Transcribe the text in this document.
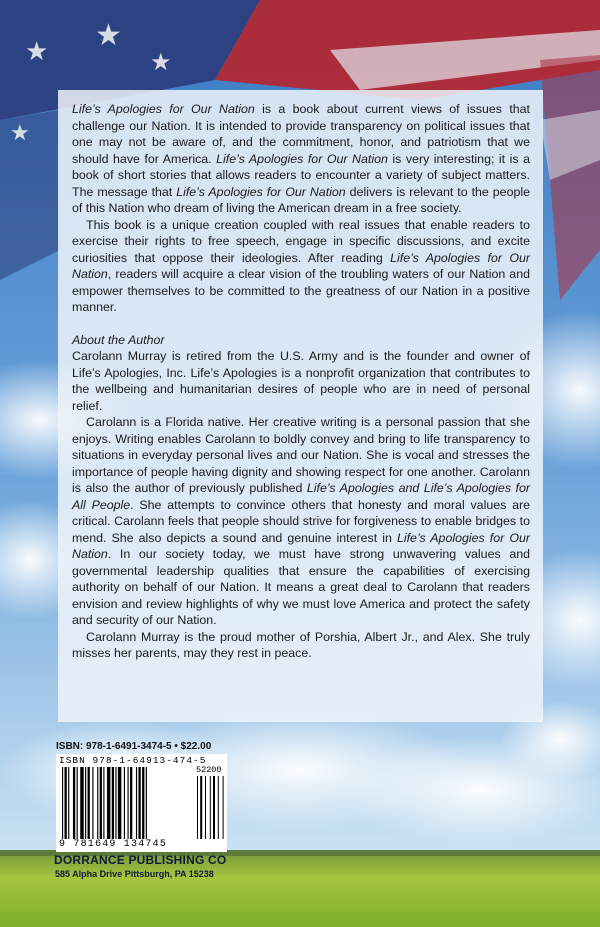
★
★	★
★

Life’s Apologies for Our Nation is a book about current views of issues that challenge our Nation. It is intended to provide transparency on political issues that one may not be aware of, and the commitment, honor, and patriotism that we should have for America. Life’s Apologies for Our Nation is very interesting; it is a book of short stories that allows readers to encounter a variety of subject matters. The message that Life’s Apologies for Our Nation delivers is relevant to the people of this Nation who dream of living the American dream in a free society.

This book is a unique creation coupled with real issues that enable readers to exercise their rights to free speech, engage in specific discussions, and excite curiosities that oppose their ideologies. After reading Life’s Apologies for Our Nation, readers will acquire a clear vision of the troubling waters of our Nation and empower themselves to be committed to the greatness of our Nation in a positive manner.

About the Author

Carolann Murray is retired from the U.S. Army and is the founder and owner of Life’s Apologies, Inc. Life’s Apologies is a nonprofit organization that contributes to the wellbeing and humanitarian desires of people who are in need of personal relief.

Carolann is a Florida native. Her creative writing is a personal passion that she enjoys. Writing enables Carolann to boldly convey and bring to life transparency to situations in everyday personal lives and our Nation. She is vocal and stresses the importance of people having dignity and showing respect for one another. Carolann is also the author of previously published Life’s Apologies and Life’s Apologies for All People. She attempts to convince others that honesty and moral values are critical. Carolann feels that people should strive for forgiveness to enable bridges to mend. She also depicts a sound and genuine interest in Life’s Apologies for Our Nation. In our society today, we must have strong unwavering values and governmental leadership qualities that ensure the capabilities of exercising authority on behalf of our Nation. It means a great deal to Carolann that readers envision and review highlights of why we must love America and protect the safety and security of our Nation.

Carolann Murray is the proud mother of Porshia, Albert Jr., and Alex. She truly misses her parents, may they rest in peace.

ISBN: 978-1-6491-3474-5 • $22.00
ISBN 978-1-64913-474-5
52200
9 781649 134745
DORRANCE PUBLISHING CO
585 Alpha Drive Pittsburgh, PA 15238
